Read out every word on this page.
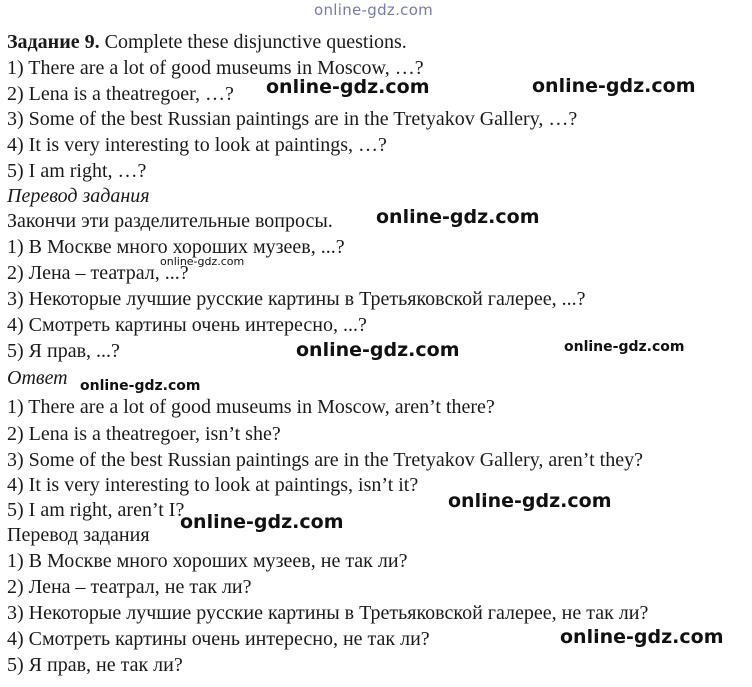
Задание 9. Complete these disjunctive questions.
1) There are a lot of good museums in Moscow, …?
2) Lena is a theatregoer, …?
3) Some of the best Russian paintings are in the Tretyakov Gallery, …?
4) It is very interesting to look at paintings, …?
5) I am right, …?
Перевод задания
Закончи эти разделительные вопросы.
1) В Москве много хороших музеев, ...?
2) Лена – театрал, ...?
3) Некоторые лучшие русские картины в Третьяковской галерее, ...?
4) Смотреть картины очень интересно, ...?
5) Я прав, ...?
Ответ
1) There are a lot of good museums in Moscow, aren’t there?
2) Lena is a theatregoer, isn’t she?
3) Some of the best Russian paintings are in the Tretyakov Gallery, aren’t they?
4) It is very interesting to look at paintings, isn’t it?
5) I am right, aren’t I?
Перевод задания
1) В Москве много хороших музеев, не так ли?
2) Лена – театрал, не так ли?
3) Некоторые лучшие русские картины в Третьяковской галерее, не так ли?
4) Смотреть картины очень интересно, не так ли?
5) Я прав, не так ли?
online-gdz.com
online-gdz.com	online-gdz.com
online-gdz.com
online-gdz.com
online-gdz.com	online-gdz.com
online-gdz.com
online-gdz.com
online-gdz.com
online-gdz.com
